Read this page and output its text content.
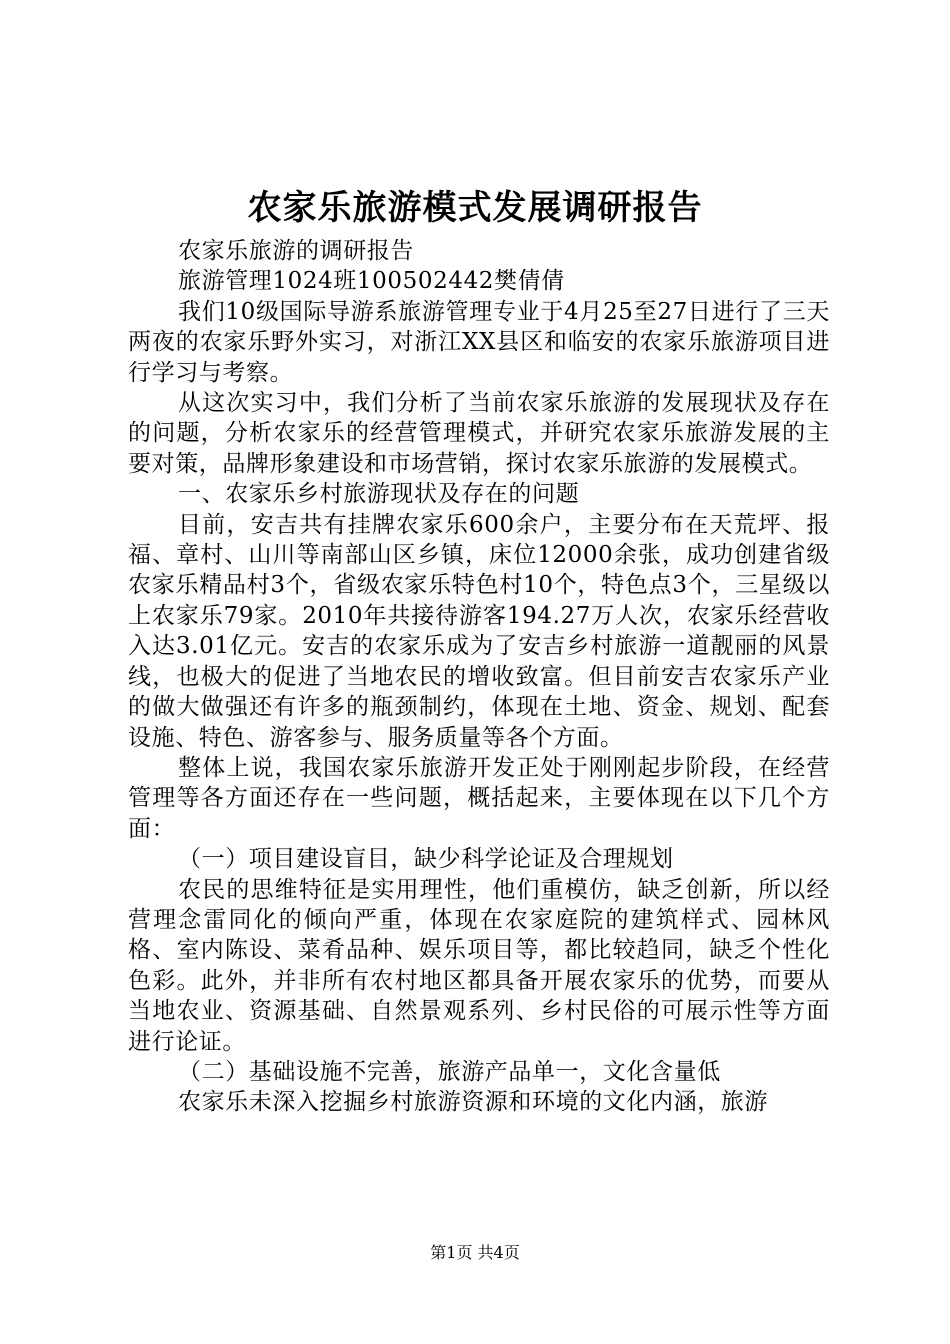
农家乐旅游模式发展调研报告

农家乐旅游的调研报告

旅游管理1024班100502442樊倩倩

我们10级国际导游系旅游管理专业于4月25至27日进行了三天两夜的农家乐野外实习，对浙江XX县区和临安的农家乐旅游项目进行学习与考察。

从这次实习中，我们分析了当前农家乐旅游的发展现状及存在的问题，分析农家乐的经营管理模式，并研究农家乐旅游发展的主要对策，品牌形象建设和市场营销，探讨农家乐旅游的发展模式。

一、农家乐乡村旅游现状及存在的问题

目前，安吉共有挂牌农家乐600余户，主要分布在天荒坪、报福、章村、山川等南部山区乡镇，床位12000余张，成功创建省级农家乐精品村3个，省级农家乐特色村10个，特色点3个，三星级以上农家乐79家。2010年共接待游客194.27万人次，农家乐经营收入达3.01亿元。安吉的农家乐成为了安吉乡村旅游一道靓丽的风景线，也极大的促进了当地农民的增收致富。但目前安吉农家乐产业的做大做强还有许多的瓶颈制约，体现在土地、资金、规划、配套设施、特色、游客参与、服务质量等各个方面。

整体上说，我国农家乐旅游开发正处于刚刚起步阶段，在经营管理等各方面还存在一些问题，概括起来，主要体现在以下几个方面：

（一）项目建设盲目，缺少科学论证及合理规划

农民的思维特征是实用理性，他们重模仿，缺乏创新，所以经营理念雷同化的倾向严重，体现在农家庭院的建筑样式、园林风格、室内陈设、菜肴品种、娱乐项目等，都比较趋同，缺乏个性化色彩。此外，并非所有农村地区都具备开展农家乐的优势，而要从当地农业、资源基础、自然景观系列、乡村民俗的可展示性等方面进行论证。

（二）基础设施不完善，旅游产品单一，文化含量低

农家乐未深入挖掘乡村旅游资源和环境的文化内涵，旅游

第1页 共4页
